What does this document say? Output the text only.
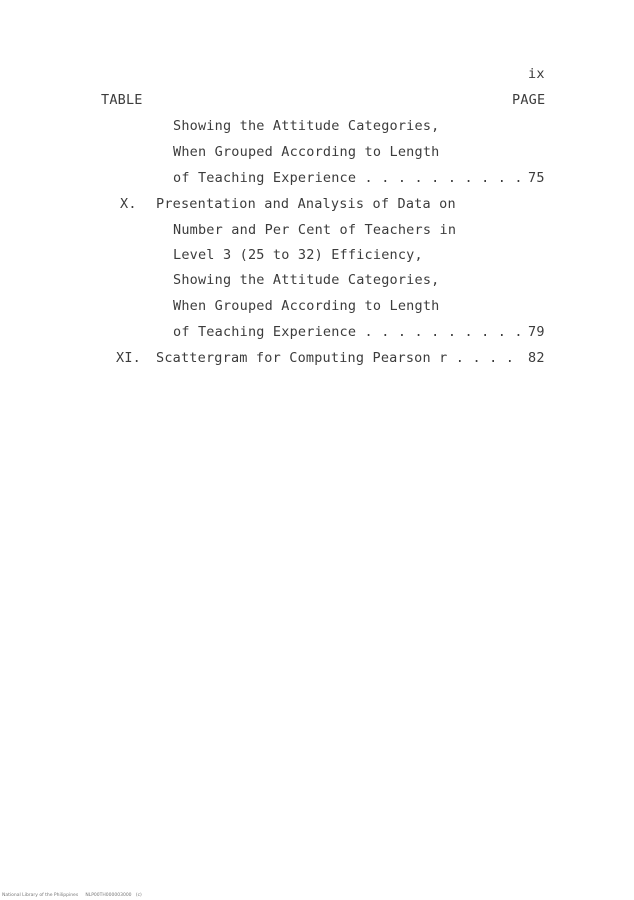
ix
TABLE	PAGE
Showing the Attitude Categories,
When Grouped According to Length
of Teaching Experience . . . . . . . . . . 75
X. Presentation and Analysis of Data on
Number and Per Cent of Teachers in
Level 3 (25 to 32) Efficiency,
Showing the Attitude Categories,
When Grouped According to Length
of Teaching Experience . . . . . . . . . . 79
XI. Scattergram for Computing Pearson r . . . . 82
National Library of the Philippines     NLP00TH000003000   (c)
